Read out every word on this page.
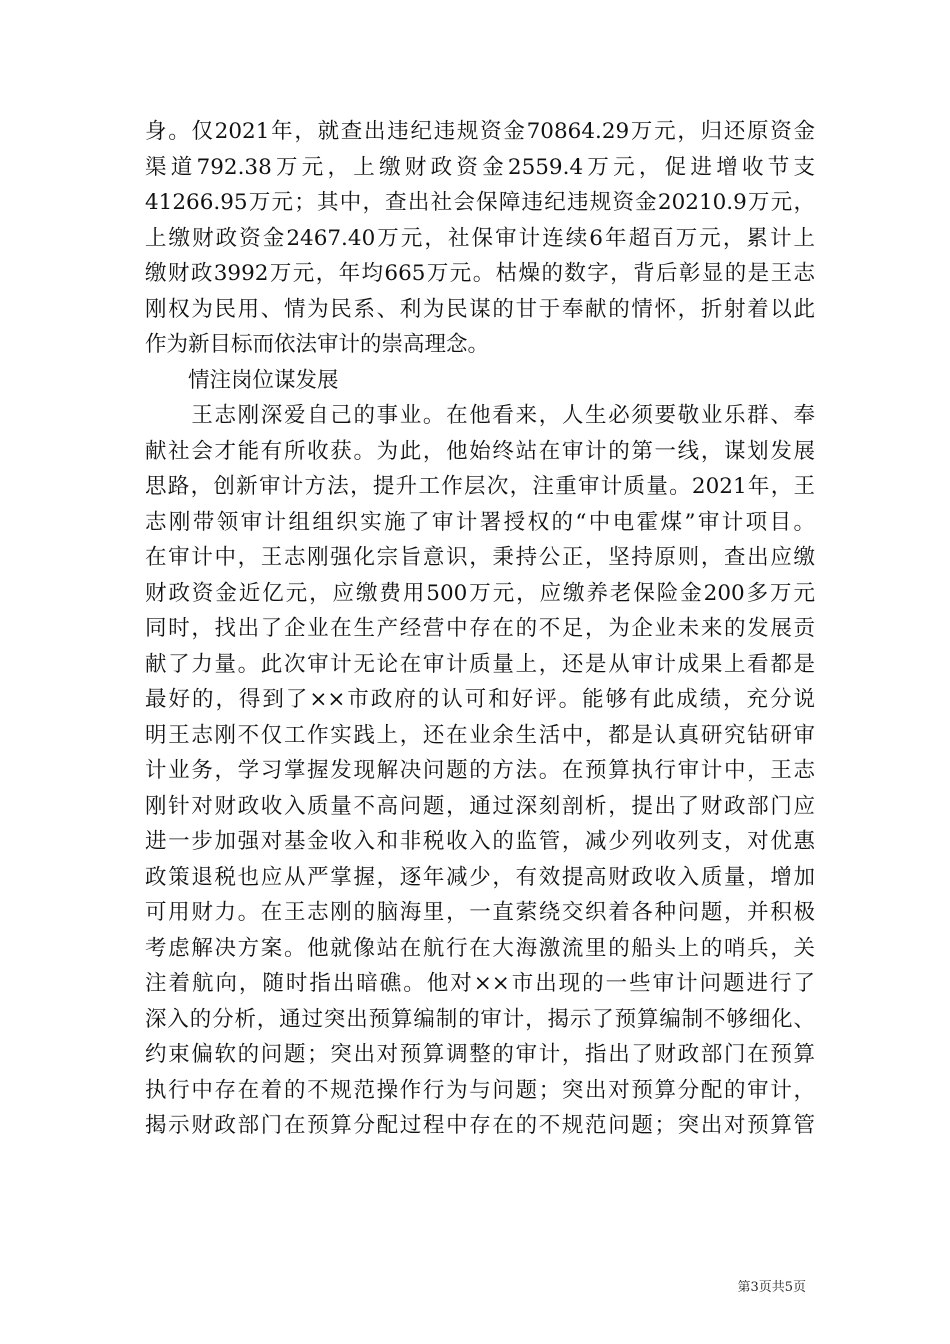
身。仅2021年，就查出违纪违规资金70864.29万元，归还原资金
渠道792.38万元，上缴财政资金2559.4万元，促进增收节支
41266.95万元；其中，查出社会保障违纪违规资金20210.9万元，
上缴财政资金2467.40万元，社保审计连续6年超百万元，累计上
缴财政3992万元，年均665万元。枯燥的数字，背后彰显的是王志
刚权为民用、情为民系、利为民谋的甘于奉献的情怀，折射着以此
作为新目标而依法审计的崇高理念。
　　情注岗位谋发展
　　王志刚深爱自己的事业。在他看来，人生必须要敬业乐群、奉
献社会才能有所收获。为此，他始终站在审计的第一线，谋划发展
思路，创新审计方法，提升工作层次，注重审计质量。2021年，王
志刚带领审计组组织实施了审计署授权的“中电霍煤”审计项目。
在审计中，王志刚强化宗旨意识，秉持公正，坚持原则，查出应缴
财政资金近亿元，应缴费用500万元，应缴养老保险金200多万元
同时，找出了企业在生产经营中存在的不足，为企业未来的发展贡
献了力量。此次审计无论在审计质量上，还是从审计成果上看都是
最好的，得到了××市政府的认可和好评。能够有此成绩，充分说
明王志刚不仅工作实践上，还在业余生活中，都是认真研究钻研审
计业务，学习掌握发现解决问题的方法。在预算执行审计中，王志
刚针对财政收入质量不高问题，通过深刻剖析，提出了财政部门应
进一步加强对基金收入和非税收入的监管，减少列收列支，对优惠
政策退税也应从严掌握，逐年减少，有效提高财政收入质量，增加
可用财力。在王志刚的脑海里，一直萦绕交织着各种问题，并积极
考虑解决方案。他就像站在航行在大海激流里的船头上的哨兵，关
注着航向，随时指出暗礁。他对××市出现的一些审计问题进行了
深入的分析，通过突出预算编制的审计，揭示了预算编制不够细化、
约束偏软的问题；突出对预算调整的审计，指出了财政部门在预算
执行中存在着的不规范操作行为与问题；突出对预算分配的审计，
揭示财政部门在预算分配过程中存在的不规范问题；突出对预算管
第3页共5页
